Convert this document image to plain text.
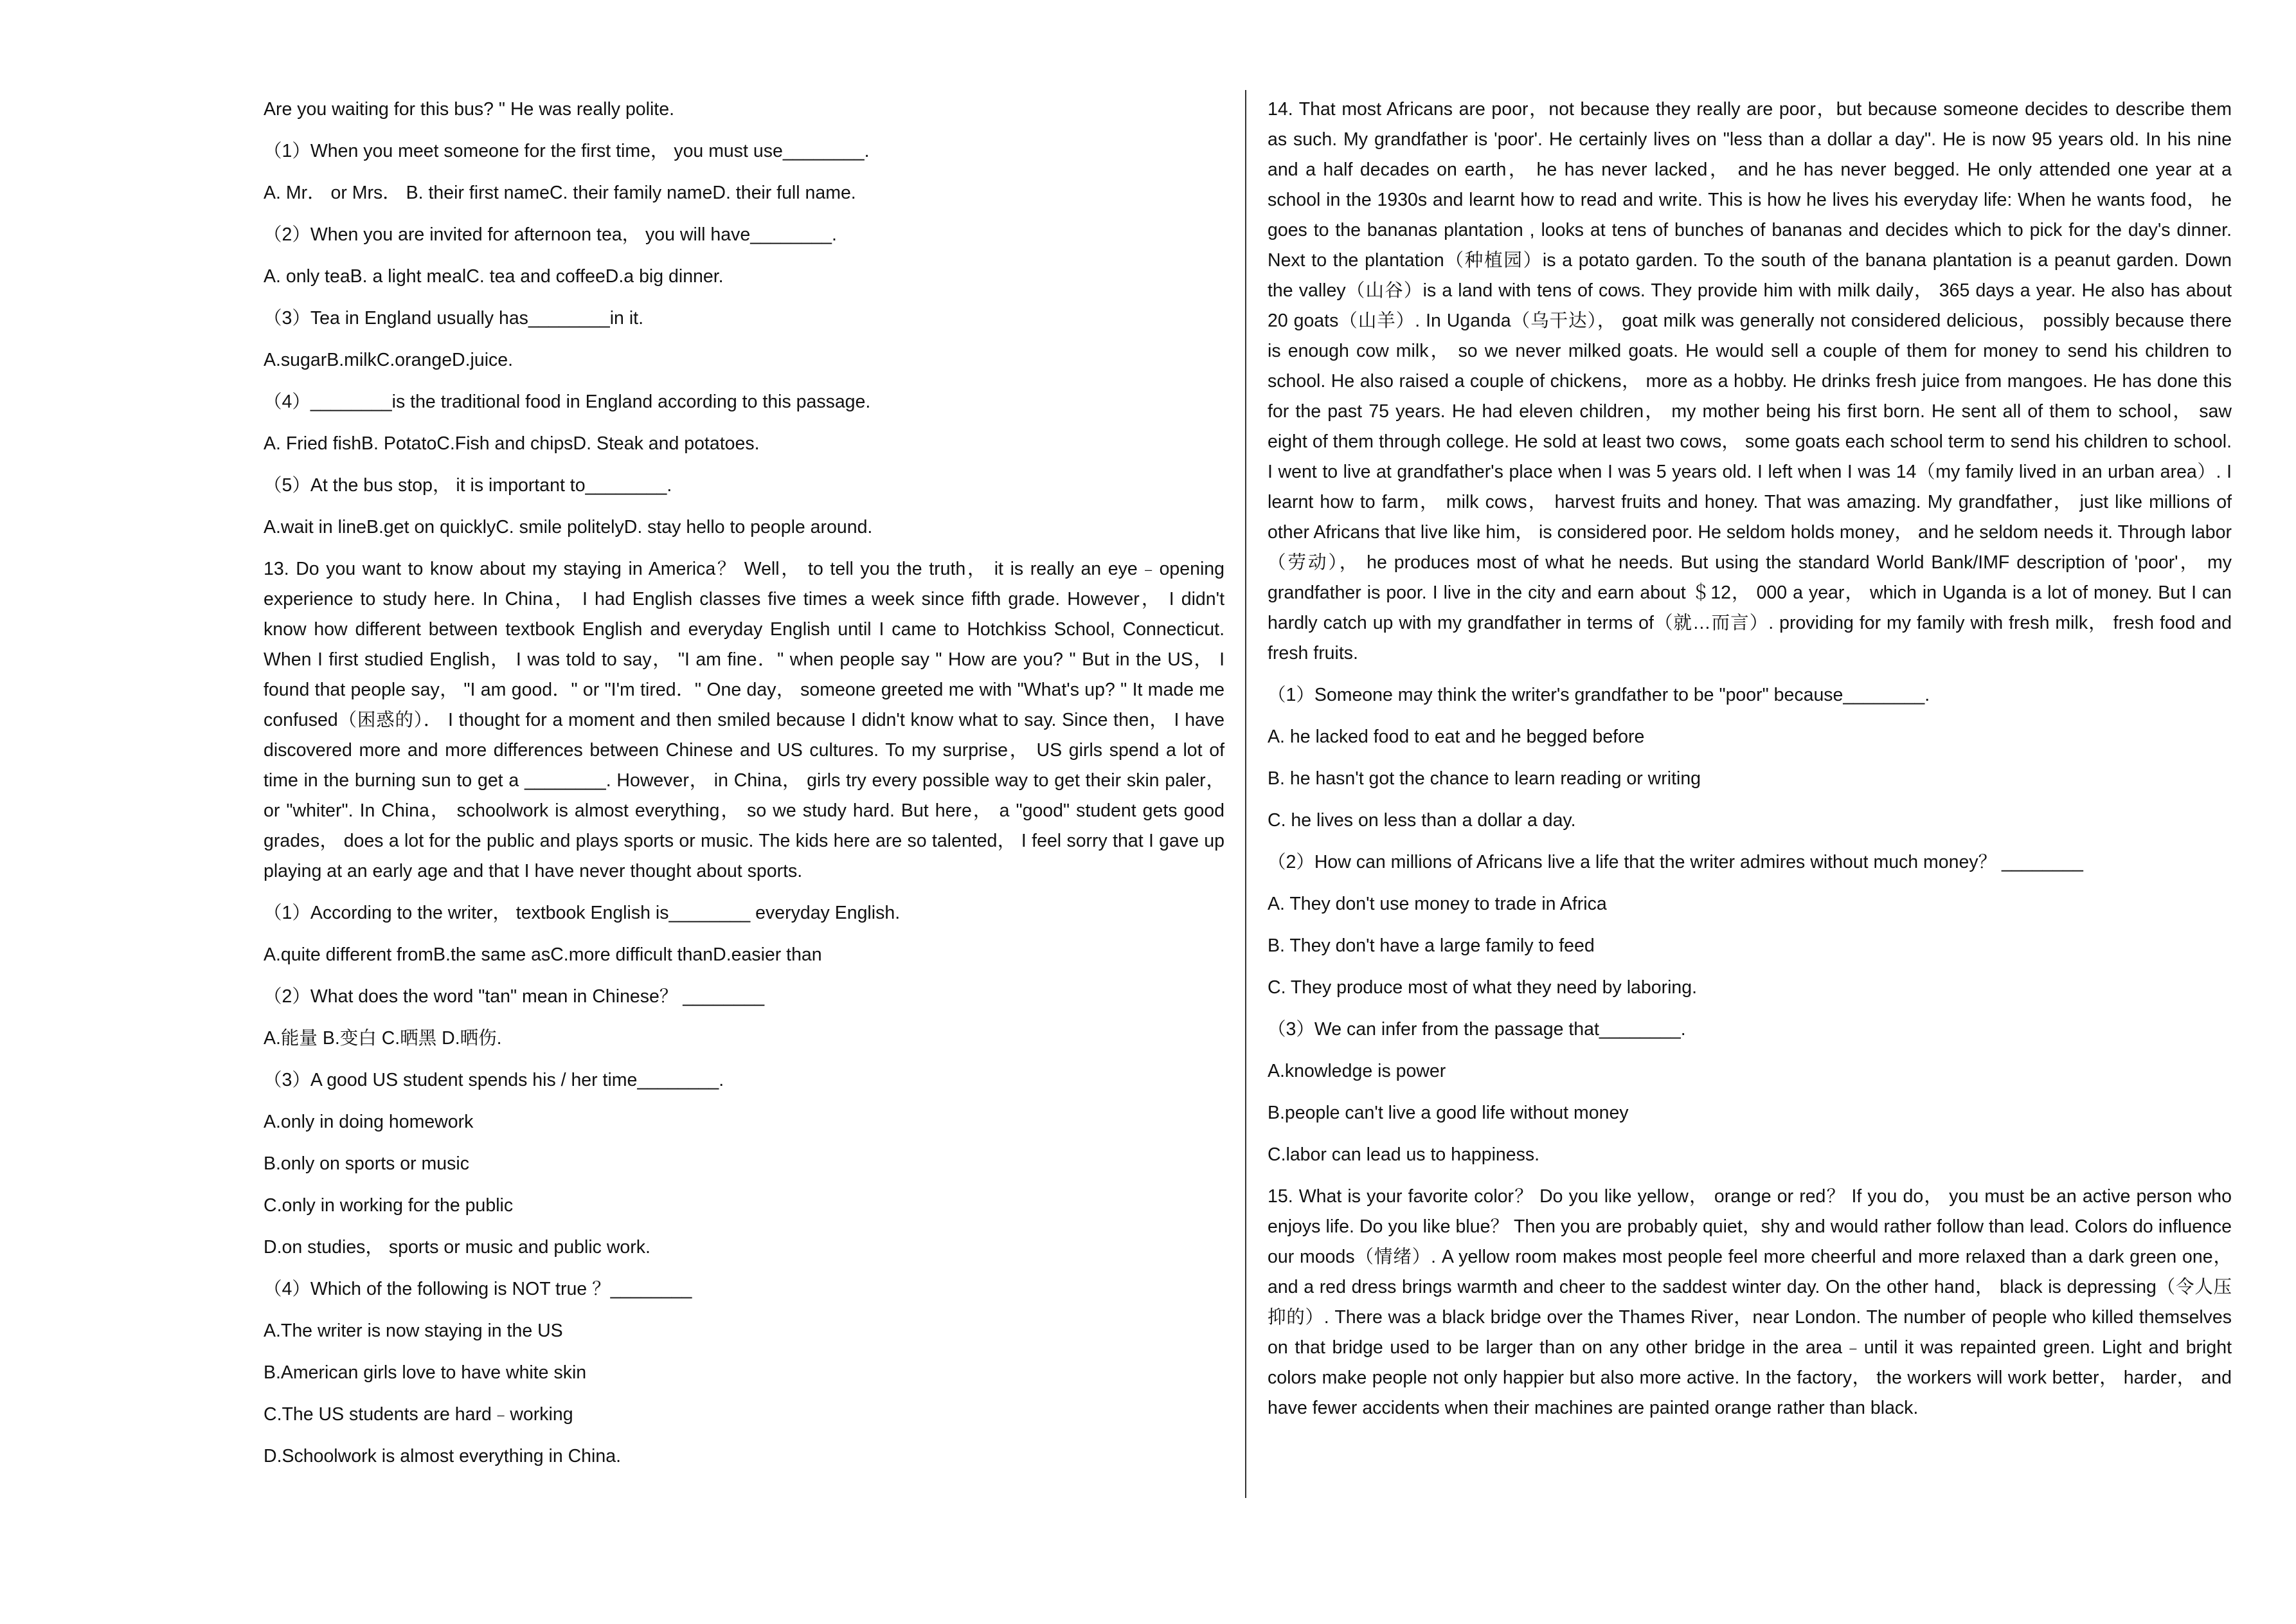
Are you waiting for this bus? " He was really polite.

（1）When you meet someone for the first time， you must use________.

A. Mr． or Mrs． B. their first nameC. their family nameD. their full name.

（2）When you are invited for afternoon tea， you will have________.

A. only teaB. a light mealC. tea and coffeeD.a big dinner.

（3）Tea in England usually has________in it.

A.sugarB.milkC.orangeD.juice.

（4）________is the traditional food in England according to this passage.

A. Fried fishB. PotatoC.Fish and chipsD. Steak and potatoes.

（5）At the bus stop， it is important to________.

A.wait in lineB.get on quicklyC. smile politelyD. stay hello to people around.

13. Do you want to know about my staying in America？ Well， to tell you the truth， it is really an eye﹣opening experience to study here. In China， I had English classes five times a week since fifth grade. However， I didn't know how different between textbook English and everyday English until I came to Hotchkiss School, Connecticut. When I first studied English， I was told to say， "I am fine．" when people say " How are you? " But in the US， I found that people say， "I am good．" or "I'm tired．" One day， someone greeted me with "What's up? " It made me confused（困惑的）． I thought for a moment and then smiled because I didn't know what to say. Since then， I have discovered more and more differences between Chinese and US cultures. To my surprise， US girls spend a lot of time in the burning sun to get a ________. However， in China， girls try every possible way to get their skin paler， or "whiter". In China， schoolwork is almost everything， so we study hard. But here， a "good" student gets good grades， does a lot for the public and plays sports or music. The kids here are so talented， I feel sorry that I gave up playing at an early age and that I have never thought about sports.

（1）According to the writer， textbook English is________ everyday English.

A.quite different fromB.the same asC.more difficult thanD.easier than

（2）What does the word "tan" mean in Chinese？ ________

A.能量 B.变白 C.晒黑 D.晒伤.

（3）A good US student spends his / her time________.

A.only in doing homework

B.only on sports or music

C.only in working for the public

D.on studies， sports or music and public work.

（4）Which of the following is NOT true ？________

A.The writer is now staying in the US

B.American girls love to have white skin

C.The US students are hard﹣working

D.Schoolwork is almost everything in China.

14. That most Africans are poor，not because they really are poor，but because someone decides to describe them as such. My grandfather is 'poor'. He certainly lives on "less than a dollar a day". He is now 95 years old. In his nine and a half decades on earth， he has never lacked， and he has never begged. He only attended one year at a school in the 1930s and learnt how to read and write. This is how he lives his everyday life: When he wants food， he goes to the bananas plantation , looks at tens of bunches of bananas and decides which to pick for the day's dinner. Next to the plantation（种植园）is a potato garden. To the south of the banana plantation is a peanut garden. Down the valley（山谷）is a land with tens of cows. They provide him with milk daily， 365 days a year. He also has about 20 goats（山羊）. In Uganda（乌干达）， goat milk was generally not considered delicious， possibly because there is enough cow milk， so we never milked goats. He would sell a couple of them for money to send his children to school. He also raised a couple of chickens， more as a hobby. He drinks fresh juice from mangoes. He has done this for the past 75 years. He had eleven children， my mother being his first born. He sent all of them to school， saw eight of them through college. He sold at least two cows， some goats each school term to send his children to school. I went to live at grandfather's place when I was 5 years old. I left when I was 14（my family lived in an urban area）. I learnt how to farm， milk cows， harvest fruits and honey. That was amazing. My grandfather， just like millions of other Africans that live like him， is considered poor. He seldom holds money， and he seldom needs it. Through labor（劳动）， he produces most of what he needs. But using the standard World Bank/IMF description of 'poor'， my grandfather is poor. I live in the city and earn about ＄12， 000 a year， which in Uganda is a lot of money. But I can hardly catch up with my grandfather in terms of（就…而言）. providing for my family with fresh milk， fresh food and fresh fruits.

（1）Someone may think the writer's grandfather to be "poor" because________.

A. he lacked food to eat and he begged before

B. he hasn't got the chance to learn reading or writing

C. he lives on less than a dollar a day.

（2）How can millions of Africans live a life that the writer admires without much money？ ________

A. They don't use money to trade in Africa

B. They don't have a large family to feed

C. They produce most of what they need by laboring.

（3）We can infer from the passage that________.

A.knowledge is power

B.people can't live a good life without money

C.labor can lead us to happiness.

15. What is your favorite color？ Do you like yellow， orange or red？ If you do， you must be an active person who enjoys life. Do you like blue？ Then you are probably quiet，shy and would rather follow than lead. Colors do influence our moods（情绪）. A yellow room makes most people feel more cheerful and more relaxed than a dark green one， and a red dress brings warmth and cheer to the saddest winter day. On the other hand， black is depressing（令人压抑的）. There was a black bridge over the Thames River，near London. The number of people who killed themselves on that bridge used to be larger than on any other bridge in the area﹣until it was repainted green. Light and bright colors make people not only happier but also more active. In the factory， the workers will work better， harder， and have fewer accidents when their machines are painted orange rather than black.
